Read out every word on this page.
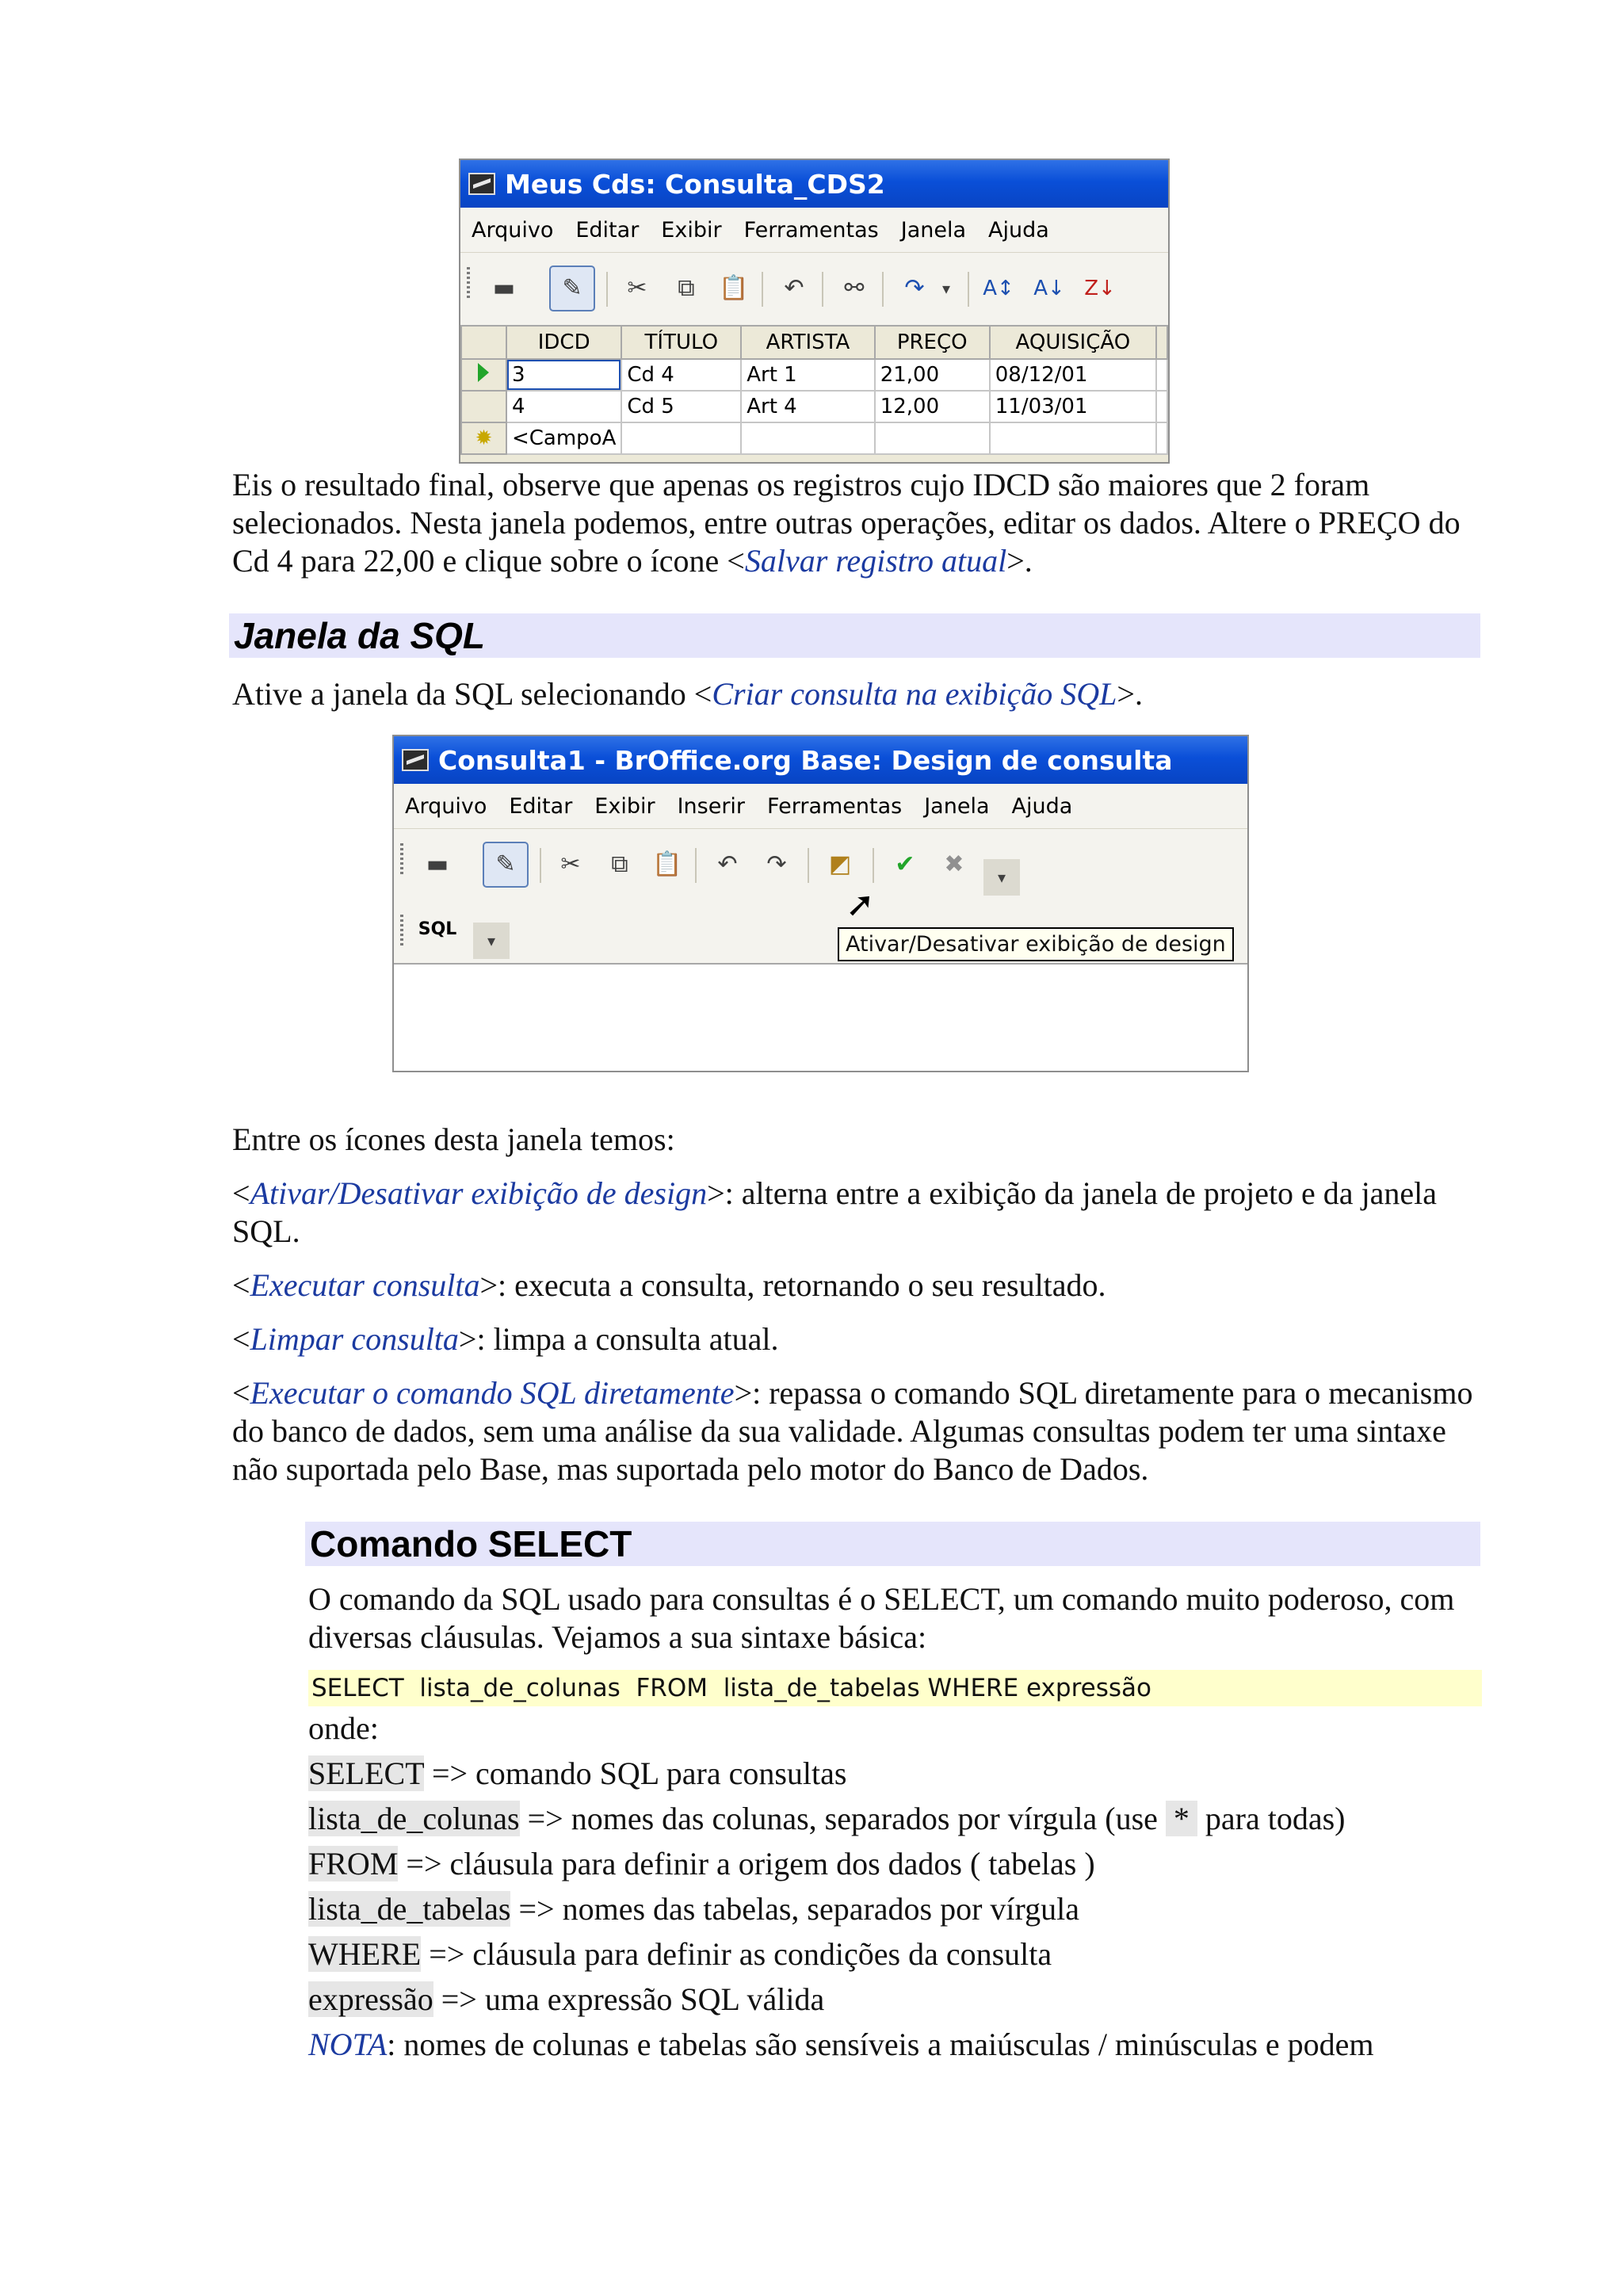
Meus Cds: Consulta_CDS2
Arquivo Editar Exibir Ferramentas Janela Ajuda
▬	✎	✂	⧉	📋	↶	⚯	↷	▾	A↕ A↓ Z↓
	IDCD	TÍTULO	ARTISTA	PREÇO	AQUISIÇÃO	
	3	Cd 4	Art 1	21,00	08/12/01	
	4	Cd 5	Art 4	12,00	11/03/01	
✹	<CampoA					

Eis o resultado final, observe que apenas os registros cujo IDCD são maiores que 2 foram selecionados. Nesta janela podemos, entre outras operações, editar os dados. Altere o PREÇO do Cd 4 para 22,00 e clique sobre o ícone <Salvar registro atual>.

Janela da SQL

Ative a janela da SQL selecionando <Criar consulta na exibição SQL>.

Consulta1 - BrOffice.org Base: Design de consulta
Arquivo Editar Exibir Inserir Ferramentas Janela Ajuda
▬	✎	✂	⧉	📋	↶	↷	◩	✔	✖	▾
SQL
▾
➚
Ativar/Desativar exibição de design

Entre os ícones desta janela temos:

<Ativar/Desativar exibição de design>: alterna entre a exibição da janela de projeto e da janela SQL.

<Executar consulta>: executa a consulta, retornando o seu resultado.

<Limpar consulta>: limpa a consulta atual.

<Executar o comando SQL diretamente>: repassa o comando SQL diretamente para o mecanismo do banco de dados, sem uma análise da sua validade. Algumas consultas podem ter uma sintaxe não suportada pelo Base, mas suportada pelo motor do Banco de Dados.

Comando SELECT

O comando da SQL usado para consultas é o SELECT, um comando muito poderoso, com diversas cláusulas. Vejamos a sua sintaxe básica:

SELECT  lista_de_colunas  FROM  lista_de_tabelas WHERE expressão

onde:

SELECT => comando SQL para consultas

lista_de_colunas => nomes das colunas, separados por vírgula (use  *  para todas)

FROM => cláusula para definir a origem dos dados ( tabelas )

lista_de_tabelas => nomes das tabelas, separados por vírgula

WHERE => cláusula para definir as condições da consulta

expressão => uma expressão SQL válida

NOTA: nomes de colunas e tabelas são sensíveis a maiúsculas / minúsculas e podem
